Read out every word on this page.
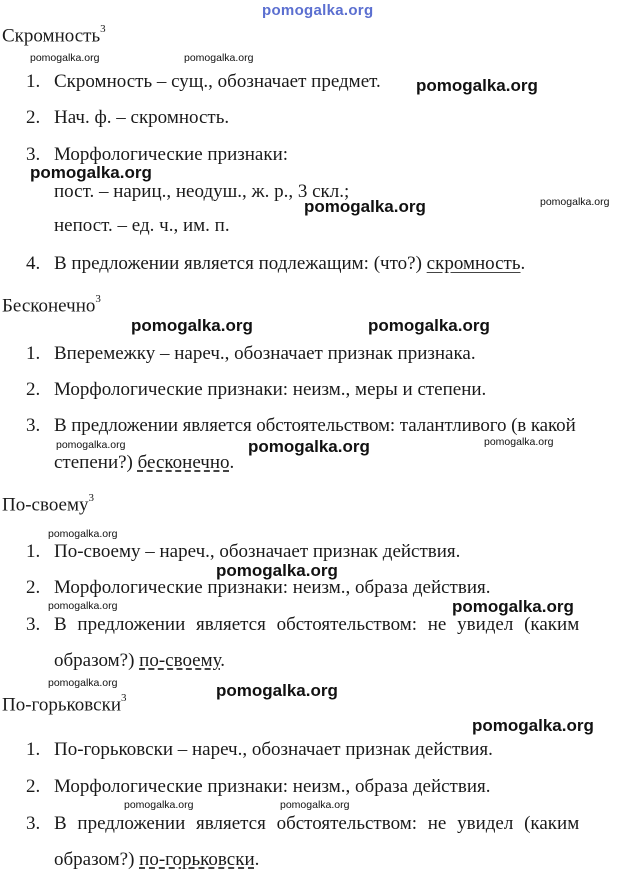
pomogalka.org
Скромность$^3$
pomogalka.org	pomogalka.org
1. Скромность – сущ., обозначает предмет. pomogalka.org
2. Нач. ф. – скромность.
3. Морфологические признаки:
пост. – нариц., неодуш., ж. р., 3 скл.;
непост. – ед. ч., им. п.
pomogalka.org
pomogalka.org	pomogalka.org
4. В предложении является подлежащим: (что?) скромность.
Бесконечно$^3$
pomogalka.org	pomogalka.org
1. Вперемежку – нареч., обозначает признак признака.
2. Морфологические признаки: неизм., меры и степени.
3. В предложении является обстоятельством: талантливого (в какой
степени?) бесконечно.
pomogalka.org	pomogalka.org	pomogalka.org
По-своему$^3$
pomogalka.org
1. По-своему – нареч., обозначает признак действия.
pomogalka.org
2. Морфологические признаки: неизм., образа действия.
pomogalka.org	pomogalka.org
3. В предложении является обстоятельством: не увидел (каким
образом?) по-своему.
pomogalka.org	pomogalka.org
По-горьковски$^3$
pomogalka.org
1. По-горьковски – нареч., обозначает признак действия.
2. Морфологические признаки: неизм., образа действия.
pomogalka.org	pomogalka.org
3. В предложении является обстоятельством: не увидел (каким
образом?) по-горьковски.
